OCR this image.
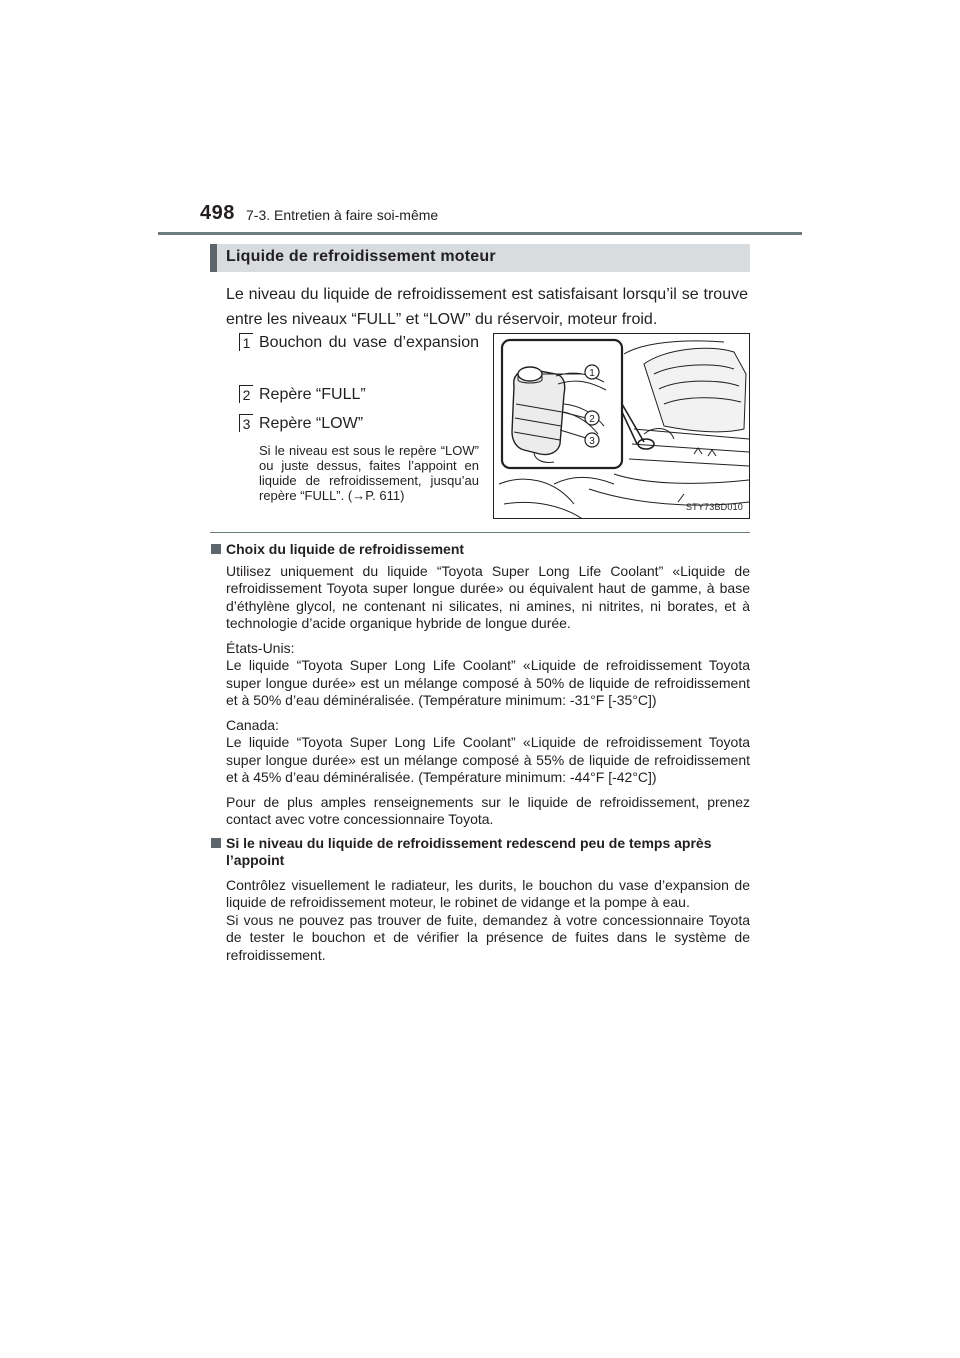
498 7-3. Entretien à faire soi-même
Liquide de refroidissement moteur

Le niveau du liquide de refroidissement est satisfaisant lorsqu’il se trouve entre les niveaux “FULL” et “LOW” du réservoir, moteur froid.

1 Bouchon du vase d’expansion
2 Repère “FULL”
3 Repère “LOW”
Si le niveau est sous le repère “LOW” ou juste dessus, faites l’appoint en liquide de refroidissement, jusqu’au repère “FULL”. (→P. 611)
1
2
3
STY73BD010
Choix du liquide de refroidissement
Utilisez uniquement du liquide “Toyota Super Long Life Coolant” «Liquide de refroidissement Toyota super longue durée» ou équivalent haut de gamme, à base d’éthylène glycol, ne contenant ni silicates, ni amines, ni nitrites, ni borates, et à technologie d’acide organique hybride de longue durée.
États-Unis:
Le liquide “Toyota Super Long Life Coolant” «Liquide de refroidissement Toyota super longue durée» est un mélange composé à 50% de liquide de refroidissement et à 50% d’eau déminéralisée. (Température minimum: -31°F [-35°C])
Canada:
Le liquide “Toyota Super Long Life Coolant” «Liquide de refroidissement Toyota super longue durée» est un mélange composé à 55% de liquide de refroidissement et à 45% d’eau déminéralisée. (Température minimum: -44°F [-42°C])
Pour de plus amples renseignements sur le liquide de refroidissement, prenez contact avec votre concessionnaire Toyota.
Si le niveau du liquide de refroidissement redescend peu de temps après l’appoint
Contrôlez visuellement le radiateur, les durits, le bouchon du vase d’expansion de liquide de refroidissement moteur, le robinet de vidange et la pompe à eau.
Si vous ne pouvez pas trouver de fuite, demandez à votre concessionnaire Toyota de tester le bouchon et de vérifier la présence de fuites dans le système de refroidissement.
